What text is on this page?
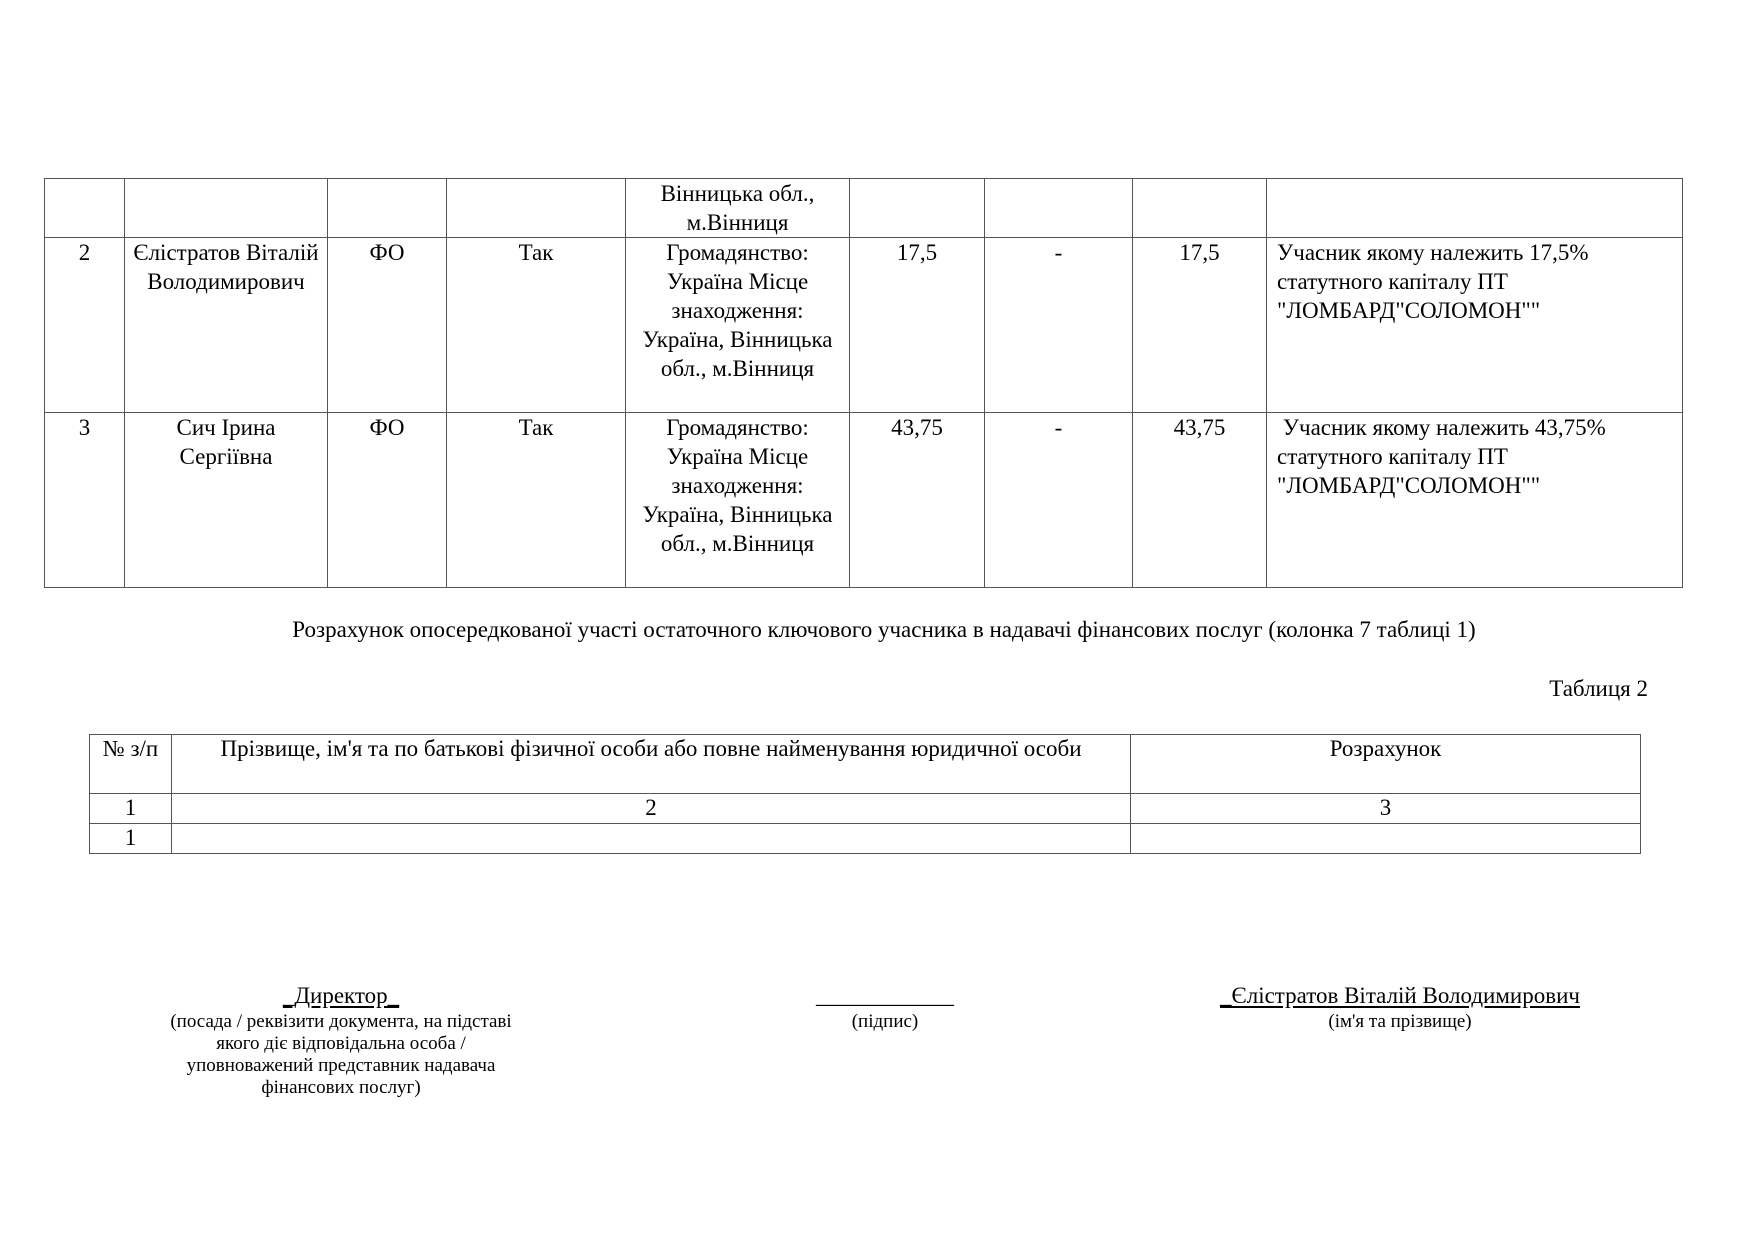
				Вінницька обл., м.Вінниця				
2	Єлістратов Віталій Володимирович	ФО	Так	Громадянство: Україна Місце знаходження: Україна, Вінницька обл., м.Вінниця	17,5	-	17,5	Учасник якому належить 17,5% статутного капіталу ПТ "ЛОМБАРД"СОЛОМОН""
3	Сич Ірина Сергіївна	ФО	Так	Громадянство: Україна Місце знаходження: Україна, Вінницька обл., м.Вінниця	43,75	-	43,75	Учасник якому належить 43,75% статутного капіталу ПТ "ЛОМБАРД"СОЛОМОН""
Розрахунок опосередкованої участі остаточного ключового учасника в надавачі фінансових послуг (колонка 7 таблиці 1)
Таблиця 2
№ з/п	Прізвище, ім'я та по батькові фізичної особи або повне найменування юридичної особи	Розрахунок
1	2	3
1		
_Директор_
(посада / реквізити документа, на підставі якого діє відповідальна особа / уповноважений представник надавача фінансових послуг)
____________
(підпис)
_Єлістратов Віталій Володимирович
(ім'я та прізвище)
